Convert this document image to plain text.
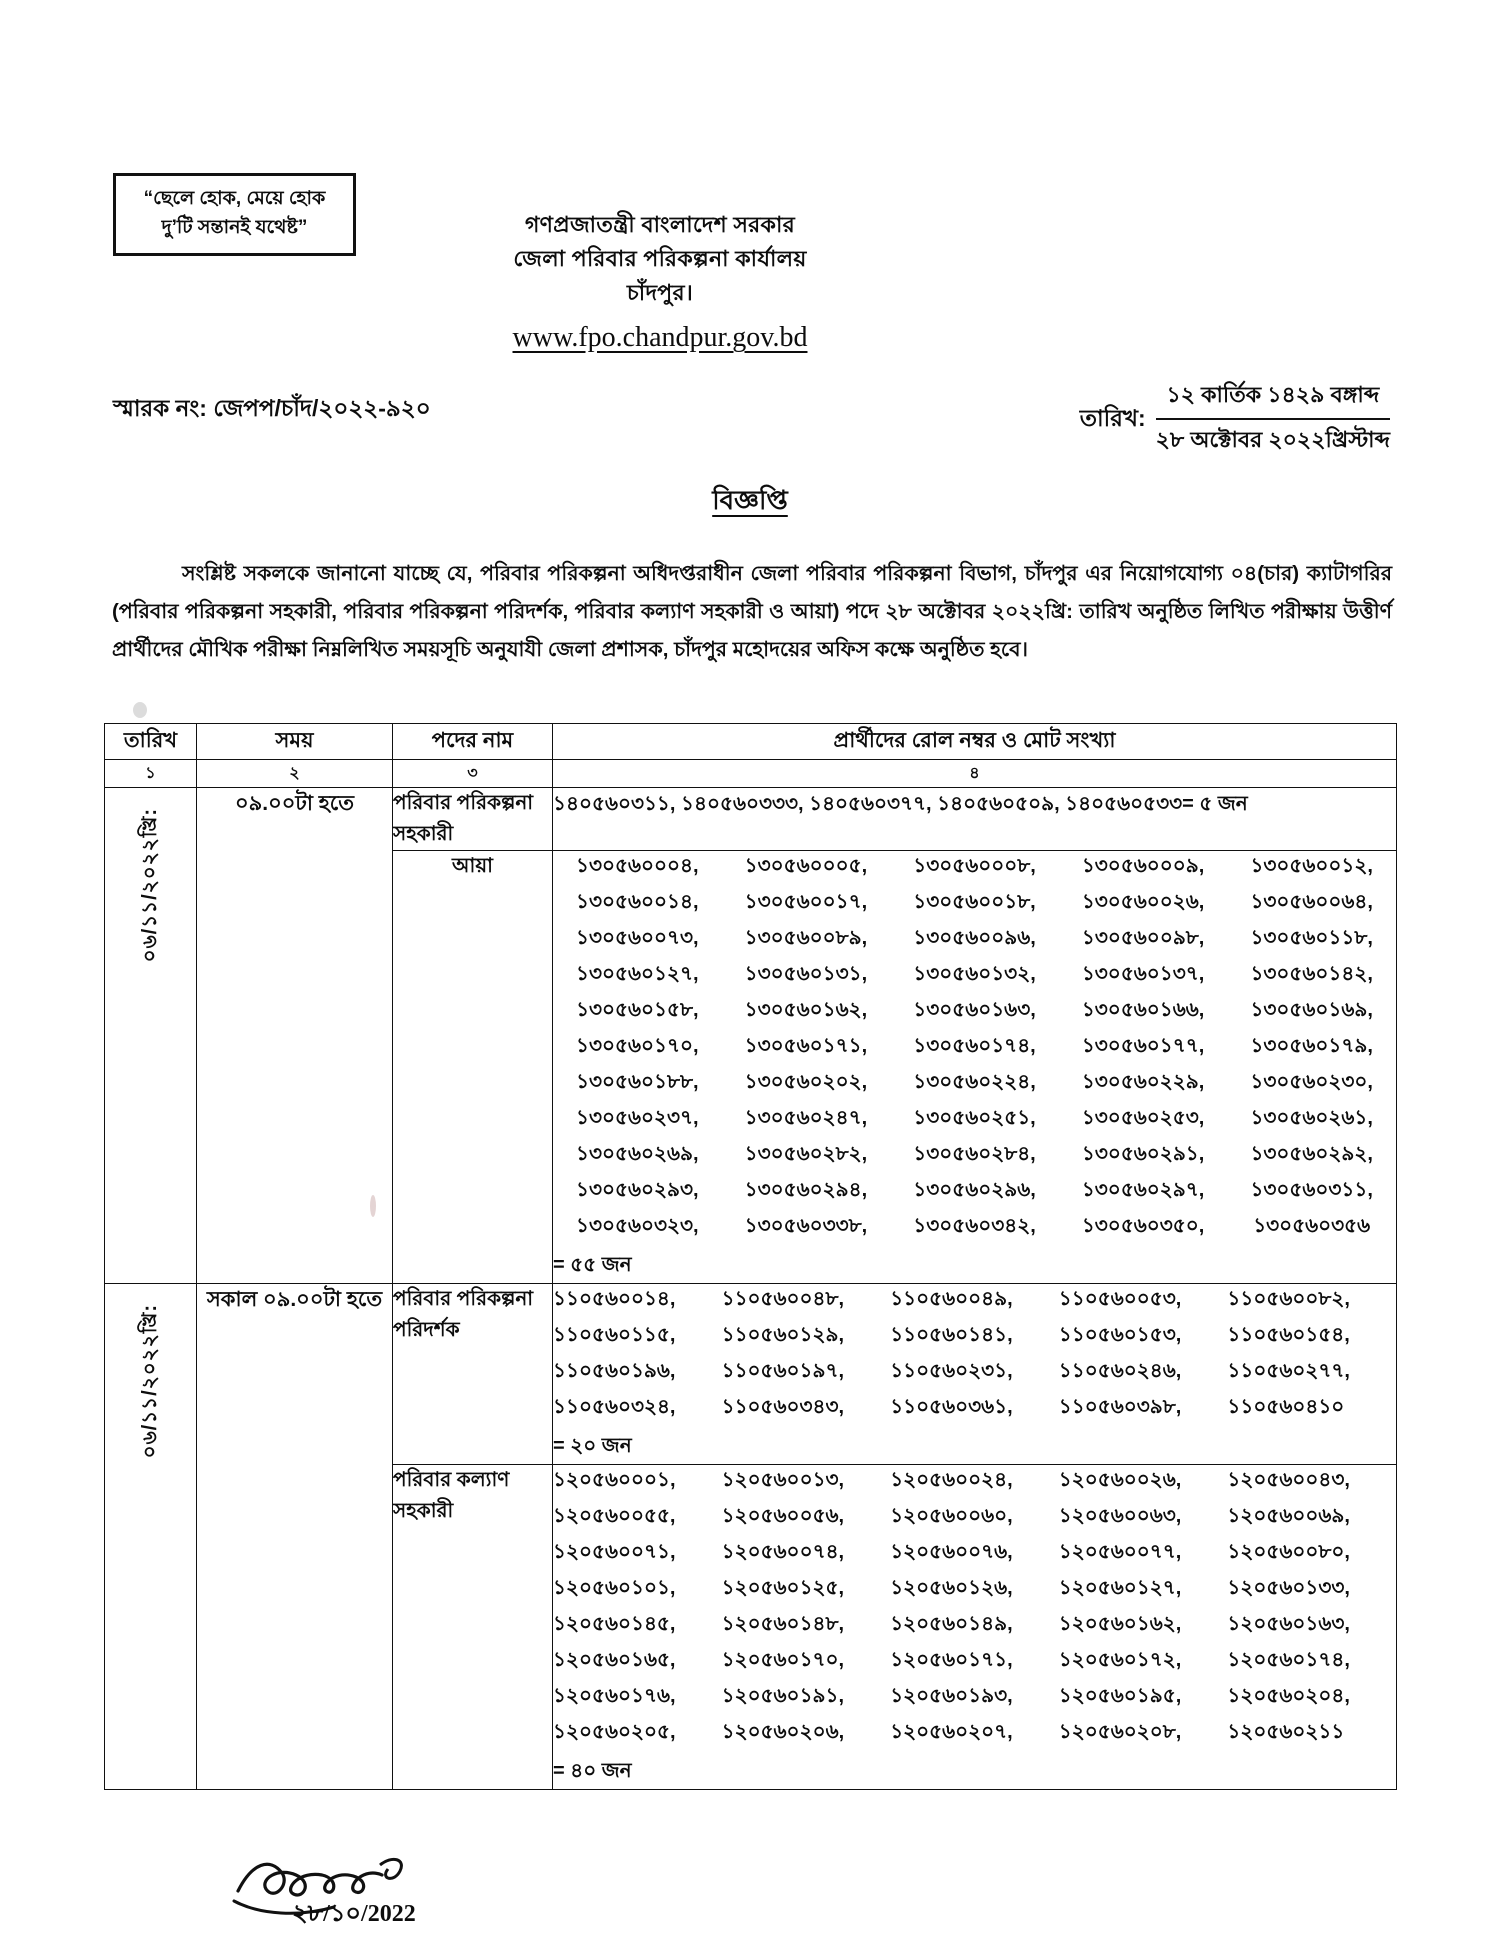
“ছেলে হোক, মেয়ে হোক
দু’টি সন্তানই যথেষ্ট”	গণপ্রজাতন্ত্রী বাংলাদেশ সরকার
জেলা পরিবার পরিকল্পনা কার্যালয়
চাঁদপুর।
www.fpo.chandpur.gov.bd
স্মারক নং: জেপপ/চাঁদ/২০২২-৯২০	তারিখ:
১২ কার্তিক ১৪২৯ বঙ্গাব্দ
২৮ অক্টোবর ২০২২খ্রিস্টাব্দ
বিজ্ঞপ্তি
সংশ্লিষ্ট সকলকে জানানো যাচ্ছে যে, পরিবার পরিকল্পনা অধিদপ্তরাধীন জেলা পরিবার পরিকল্পনা বিভাগ, চাঁদপুর এর নিয়োগযোগ্য ০৪(চার) ক্যাটাগরির (পরিবার পরিকল্পনা সহকারী, পরিবার পরিকল্পনা পরিদর্শক, পরিবার কল্যাণ সহকারী ও আয়া) পদে ২৮ অক্টোবর ২০২২খ্রি: তারিখ অনুষ্ঠিত লিখিত পরীক্ষায় উত্তীর্ণ প্রার্থীদের মৌখিক পরীক্ষা নিম্নলিখিত সময়সূচি অনুযাযী জেলা প্রশাসক, চাঁদপুর মহোদয়ের অফিস কক্ষে অনুষ্ঠিত হবে।
তারিখ	সময়	পদের নাম	প্রার্থীদের রোল নম্বর ও মোট সংখ্যা
১	২	৩	৪
০৬/১১/২০২২খ্রি:	০৯.০০টা হতে	পরিবার পরিকল্পনা সহকারী	১৪০৫৬০৩১১, ১৪০৫৬০৩৩৩, ১৪০৫৬০৩৭৭, ১৪০৫৬০৫০৯, ১৪০৫৬০৫৩৩= ৫ জন

আয়া	১৩০৫৬০০০৪,	১৩০৫৬০০০৫,	১৩০৫৬০০০৮,	১৩০৫৬০০০৯,	১৩০৫৬০০১২,
১৩০৫৬০০১৪,	১৩০৫৬০০১৭,	১৩০৫৬০০১৮,	১৩০৫৬০০২৬,	১৩০৫৬০০৬৪,
১৩০৫৬০০৭৩,	১৩০৫৬০০৮৯,	১৩০৫৬০০৯৬,	১৩০৫৬০০৯৮,	১৩০৫৬০১১৮,
১৩০৫৬০১২৭,	১৩০৫৬০১৩১,	১৩০৫৬০১৩২,	১৩০৫৬০১৩৭,	১৩০৫৬০১৪২,
১৩০৫৬০১৫৮,	১৩০৫৬০১৬২,	১৩০৫৬০১৬৩,	১৩০৫৬০১৬৬,	১৩০৫৬০১৬৯,
১৩০৫৬০১৭০,	১৩০৫৬০১৭১,	১৩০৫৬০১৭৪,	১৩০৫৬০১৭৭,	১৩০৫৬০১৭৯,
১৩০৫৬০১৮৮,	১৩০৫৬০২০২,	১৩০৫৬০২২৪,	১৩০৫৬০২২৯,	১৩০৫৬০২৩০,
১৩০৫৬০২৩৭,	১৩০৫৬০২৪৭,	১৩০৫৬০২৫১,	১৩০৫৬০২৫৩,	১৩০৫৬০২৬১,
১৩০৫৬০২৬৯,	১৩০৫৬০২৮২,	১৩০৫৬০২৮৪,	১৩০৫৬০২৯১,	১৩০৫৬০২৯২,
১৩০৫৬০২৯৩,	১৩০৫৬০২৯৪,	১৩০৫৬০২৯৬,	১৩০৫৬০২৯৭,	১৩০৫৬০৩১১,
১৩০৫৬০৩২৩,	১৩০৫৬০৩৩৮,	১৩০৫৬০৩৪২,	১৩০৫৬০৩৫০,	১৩০৫৬০৩৫৬
= ৫৫ জন

০৬/১১/২০২২খ্রি:	সকাল ০৯.০০টা হতে	পরিবার পরিকল্পনা পরিদর্শক	
১১০৫৬০০১৪,	১১০৫৬০০৪৮,	১১০৫৬০০৪৯,	১১০৫৬০০৫৩,	১১০৫৬০০৮২,
১১০৫৬০১১৫,	১১০৫৬০১২৯,	১১০৫৬০১৪১,	১১০৫৬০১৫৩,	১১০৫৬০১৫৪,
১১০৫৬০১৯৬,	১১০৫৬০১৯৭,	১১০৫৬০২৩১,	১১০৫৬০২৪৬,	১১০৫৬০২৭৭,
১১০৫৬০৩২৪,	১১০৫৬০৩৪৩,	১১০৫৬০৩৬১,	১১০৫৬০৩৯৮,	১১০৫৬০৪১০
= ২০ জন

পরিবার কল্যাণ সহকারী	
১২০৫৬০০০১,	১২০৫৬০০১৩,	১২০৫৬০০২৪,	১২০৫৬০০২৬,	১২০৫৬০০৪৩,
১২০৫৬০০৫৫,	১২০৫৬০০৫৬,	১২০৫৬০০৬০,	১২০৫৬০০৬৩,	১২০৫৬০০৬৯,
১২০৫৬০০৭১,	১২০৫৬০০৭৪,	১২০৫৬০০৭৬,	১২০৫৬০০৭৭,	১২০৫৬০০৮০,
১২০৫৬০১০১,	১২০৫৬০১২৫,	১২০৫৬০১২৬,	১২০৫৬০১২৭,	১২০৫৬০১৩৩,
১২০৫৬০১৪৫,	১২০৫৬০১৪৮,	১২০৫৬০১৪৯,	১২০৫৬০১৬২,	১২০৫৬০১৬৩,
১২০৫৬০১৬৫,	১২০৫৬০১৭০,	১২০৫৬০১৭১,	১২০৫৬০১৭২,	১২০৫৬০১৭৪,
১২০৫৬০১৭৬,	১২০৫৬০১৯১,	১২০৫৬০১৯৩,	১২০৫৬০১৯৫,	১২০৫৬০২০৪,
১২০৫৬০২০৫,	১২০৫৬০২০৬,	১২০৫৬০২০৭,	১২০৫৬০২০৮,	১২০৫৬০২১১
= ৪০ জন
২৮/১০/2022
